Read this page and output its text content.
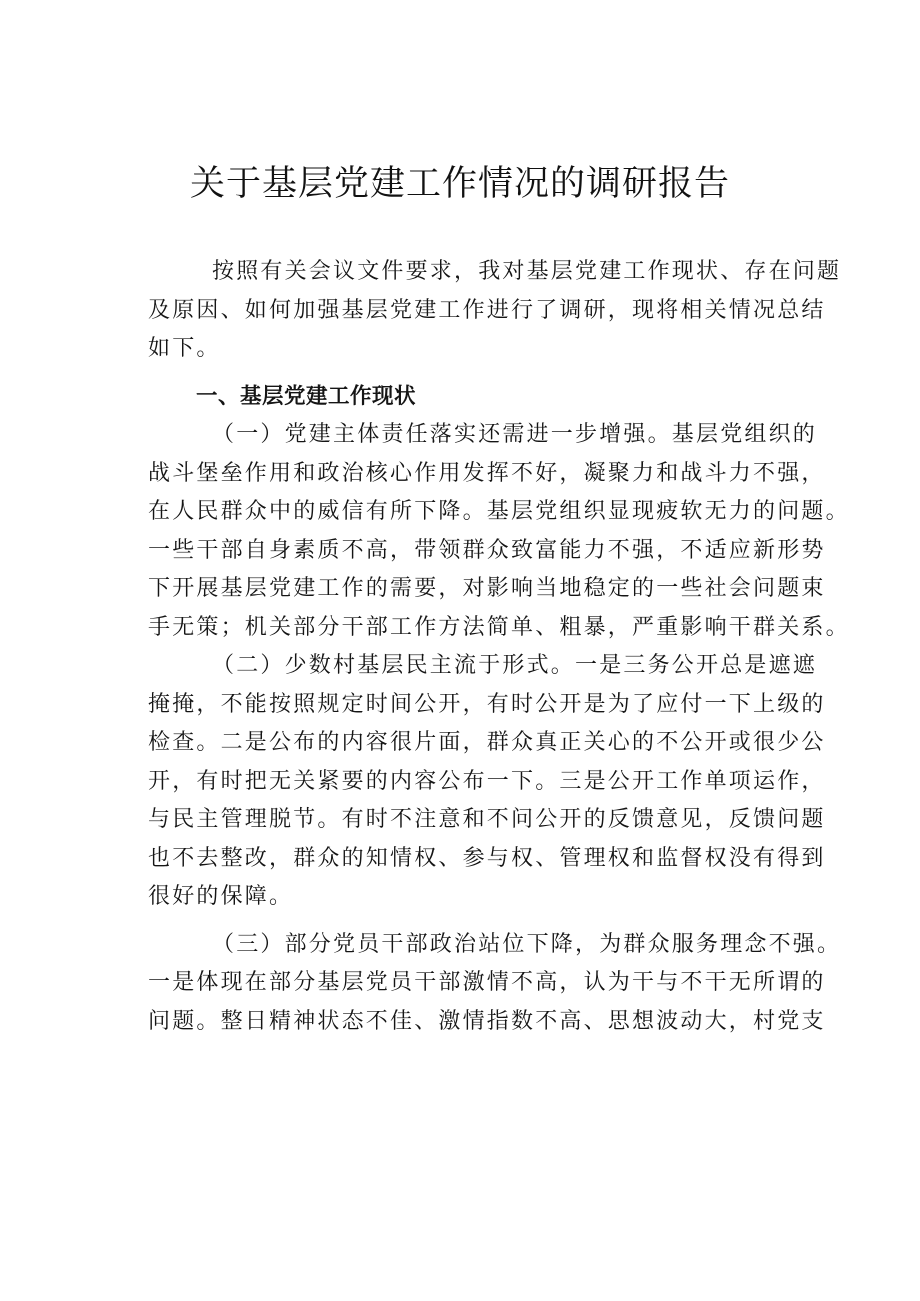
关于基层党建工作情况的调研报告
按照有关会议文件要求，我对基层党建工作现状、存在问题
及原因、如何加强基层党建工作进行了调研，现将相关情况总结
如下。
一、基层党建工作现状
（一）党建主体责任落实还需进一步增强。基层党组织的
战斗堡垒作用和政治核心作用发挥不好，凝聚力和战斗力不强，
在人民群众中的威信有所下降。基层党组织显现疲软无力的问题。
一些干部自身素质不高，带领群众致富能力不强，不适应新形势
下开展基层党建工作的需要，对影响当地稳定的一些社会问题束
手无策；机关部分干部工作方法简单、粗暴，严重影响干群关系。
（二）少数村基层民主流于形式。一是三务公开总是遮遮
掩掩，不能按照规定时间公开，有时公开是为了应付一下上级的
检查。二是公布的内容很片面，群众真正关心的不公开或很少公
开，有时把无关紧要的内容公布一下。三是公开工作单项运作，
与民主管理脱节。有时不注意和不问公开的反馈意见，反馈问题
也不去整改，群众的知情权、参与权、管理权和监督权没有得到
很好的保障。
（三）部分党员干部政治站位下降，为群众服务理念不强。
一是体现在部分基层党员干部激情不高，认为干与不干无所谓的
问题。整日精神状态不佳、激情指数不高、思想波动大，村党支
